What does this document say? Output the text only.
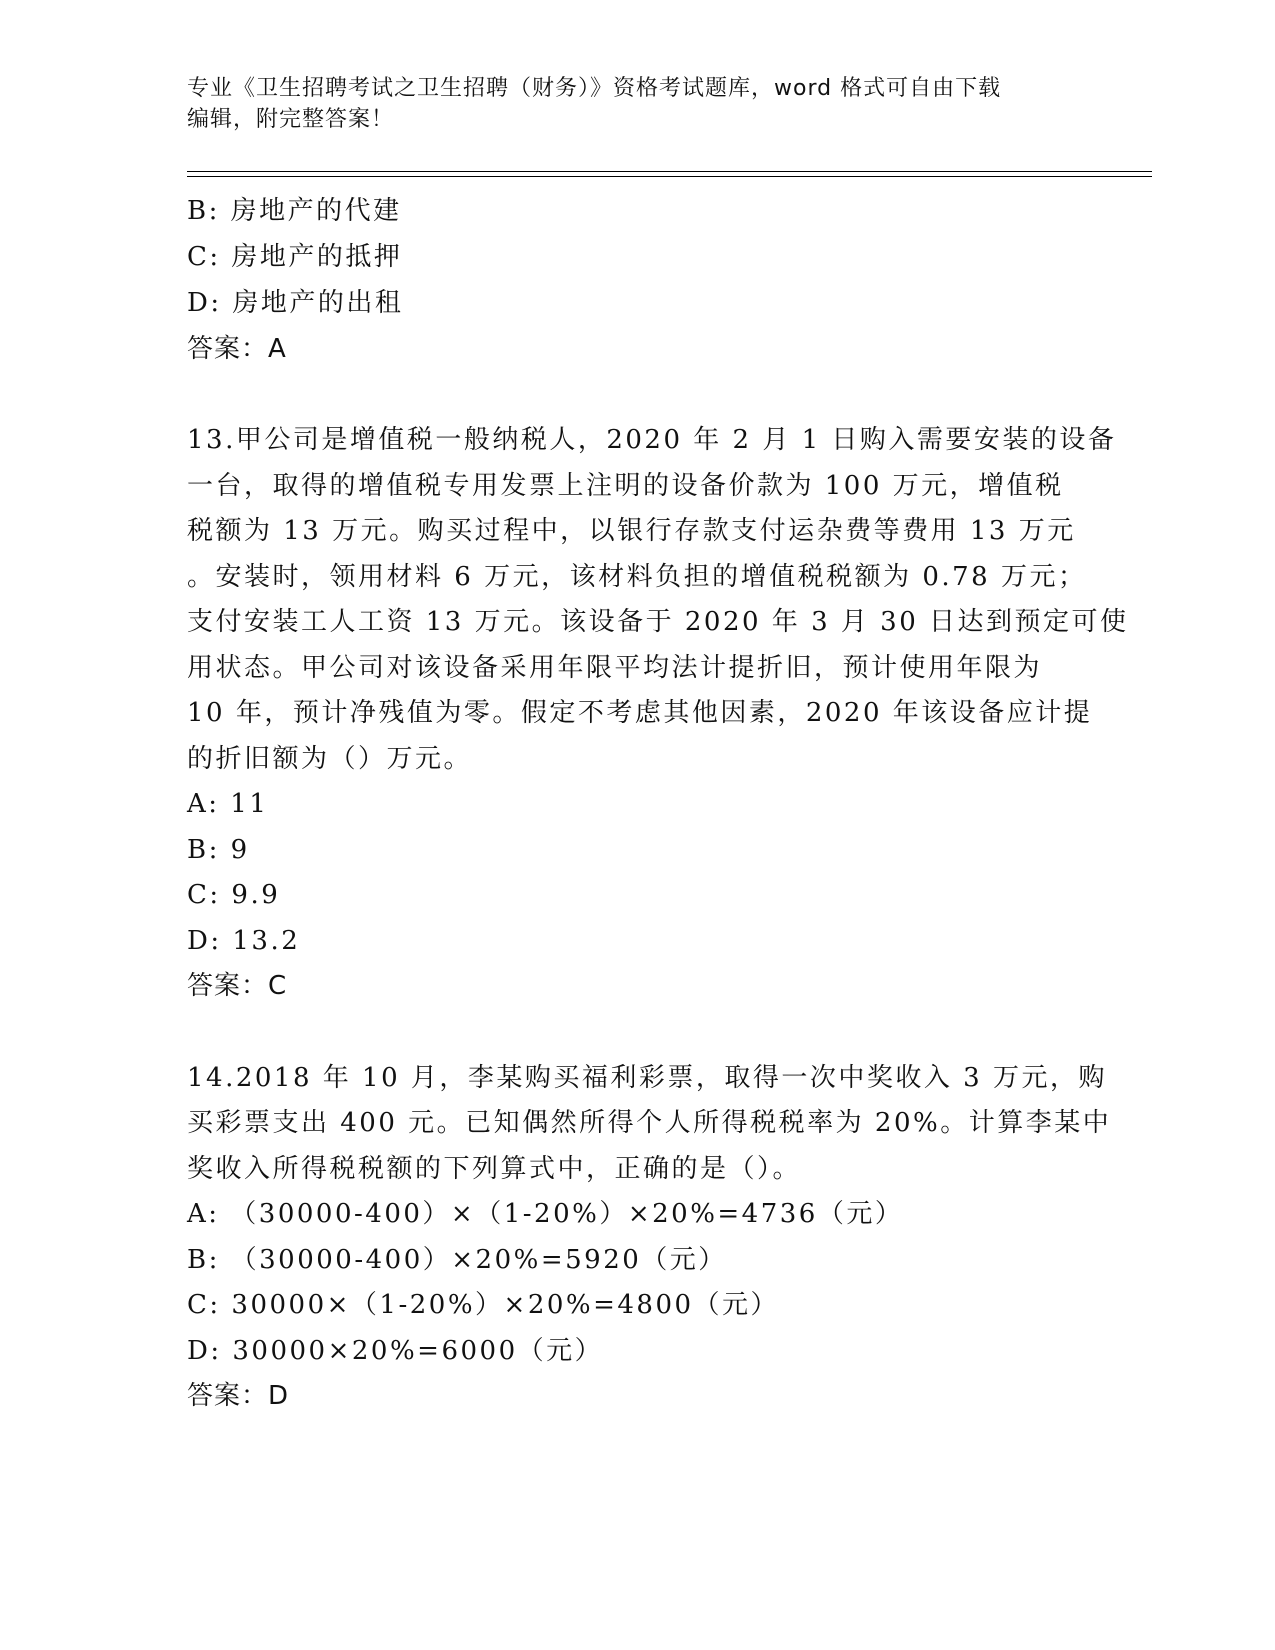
专业《卫生招聘考试之卫生招聘（财务）》资格考试题库，word 格式可自由下载
编辑，附完整答案！
B: 房地产的代建
C: 房地产的抵押
D: 房地产的出租
答案：A
13.甲公司是增值税一般纳税人，2020 年 2 月 1 日购入需要安装的设备
一台，取得的增值税专用发票上注明的设备价款为 100 万元，增值税
税额为 13 万元。购买过程中，以银行存款支付运杂费等费用 13 万元
。安装时，领用材料 6 万元，该材料负担的增值税税额为 0.78 万元；
支付安装工人工资 13 万元。该设备于 2020 年 3 月 30 日达到预定可使
用状态。甲公司对该设备采用年限平均法计提折旧，预计使用年限为
10 年，预计净残值为零。假定不考虑其他因素，2020 年该设备应计提
的折旧额为（）万元。
A: 11
B: 9
C: 9.9
D: 13.2
答案：C
14.2018 年 10 月，李某购买福利彩票，取得一次中奖收入 3 万元，购
买彩票支出 400 元。已知偶然所得个人所得税税率为 20%。计算李某中
奖收入所得税税额的下列算式中，正确的是（）。
A: （30000-400）×（1-20%）×20%=4736（元）
B: （30000-400）×20%=5920（元）
C: 30000×（1-20%）×20%=4800（元）
D: 30000×20%=6000（元）
答案：D
